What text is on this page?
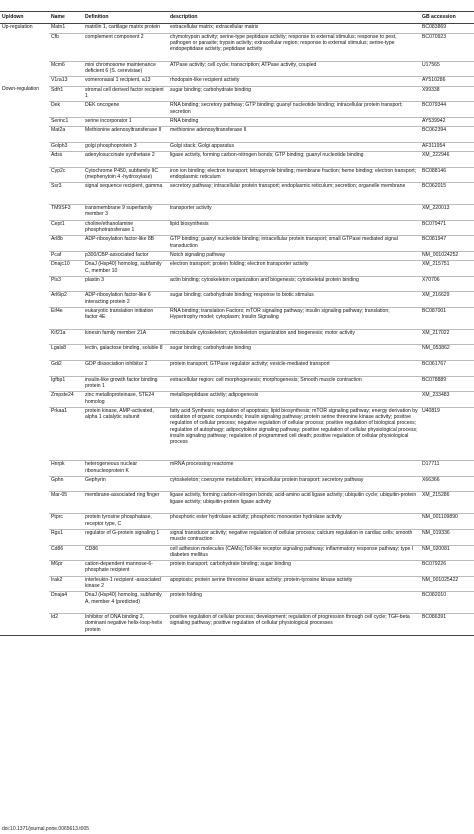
Up/down	Name	Definition	description	GB accession
Up-regulation	Matn1	matrilin 1, cartilage matrix protein	extracellular matrix; extracellular matrix	BC083869
	Cfb	complement component 2	chymotrypsin activity; serine-type peptidase activity; response to external stimulus; response to pest, pathogen or parasite; trypsin activity; extracellular region; response to external stimulus; serine-type endopeptidase activity; peptidase activity	BC070923
	Mcm6	mini chromosome maintenance deficient 6 (S. cerevisiae)	ATPase activity; cell cycle; transcription; ATPase activity, coupled	U17565
	V1ra13	vomeronasal 1 recipient, a13	rhodopsin-like recipient activity	AY510286
Down-regulation	Sdfr1	stromal cell derived factor recipient 1	sugar binding; carbohydrate binding	X99338
	Dek	DEK oncogene	RNA binding; secretory pathway; GTP binding; guanyl nucleotide binding; intracellular protein transport; secretion	BC079344
	Serinc1	serine incorporator 1	RNA binding	AY539942
	Mat2a	Methionine adenosyltransferase II	methionine adenosyltransferase II	BC062394
	Golph3	golgi phosphoprotein 3	Golgi stack; Golgi apparatus	AF311954
	Adss	adenylosuccinate synthetase 2	ligase activity, forming carbon-nitrogen bonds; GTP binding; guanyl nucleotide binding	XM_222946
	Cyp2c	Cytochrome P450, subfamily IIC (mephenytoin 4 -hydroxylase)	iron ion binding; electron transport; tetrapyrrole binding; membrane fraction; heme binding; electron transport; endoplasmic reticulum	BC088146
	Ssr3	signal sequence recipient, gamma	secretory pathway; intracellular protein transport; endoplasmic reticulum; secretion; organelle membrane	BC062015
	TM9SF3	transmembrane 9 superfamily member 3	transporter activity	XM_220013
	Cept1	choline/ethanolamine phosphotransferase 1	lipid biosynthesis	BC079471
	Arl8b	ADP-ribosylation factor-like 8B	GTP binding; guanyl nucleotide binding; intracellular protein transport; small GTPase mediated signal transduction	BC081947
	Pcaf	p300/CBP-associated factor	Notch signaling pathway	NM_001024252
	Dnajc10	DnaJ (Hsp40) homolog, subfamily C, member 10	electron transport; protein folding; electron transporter activity	XM_215751
	Pls3	plastin 3	actin binding; cytoskeleton organization and biogenesis; cytoskeletal protein binding	X70706
	Arl6ip2	ADP-ribosylation factor-like 6 interacting protein 2	sugar binding; carbohydrate binding; response to biotic stimulus	XM_216629
	Eif4e	eukaryotic translation initiation factor 4E	RNA binding; translation Factors; mTOR signaling pathway; insulin signaling pathway; translation; Hypertrophy model; cytoplasm; Insulin Signaling	BC087001
	Kif21a	kinesin family member 21A	microtubule cytoskeleton; cytoskeleton organization and biogenesis; motor activity	XM_217022
	Lgals8	lectin, galactose binding, soluble 8	sugar binding; carbohydrate binding	NM_053862
	Gdi2	GDP dissociation inhibitor 2	protein transport; GTPase regulator activity; vesicle-mediated transport	BC061767
	Igfbp1	insulin-like growth factor binding protein 1	extracellular region; cell morphogenesis; morphogenesis; Smooth muscle contraction	BC078889
	Zmpste24	zinc metalloproteinase, STE24 homolog	metallopeptidase activity; adipogenesis	XM_233483
	Prkaa1	protein kinase, AMP-activated, alpha 1 catalytic subunit	fatty acid Synthesis; regulation of apoptosis; lipid biosynthesis; mTOR signaling pathway; energy derivation by oxidation of organic compounds; Insulin signaling pathway; protein serine threonine kinase activity; positive regulation of cellular process; negative regulation of cellular process; positive regulation of biological process; regulation of autophagy; adipocytokine signaling pathway; positive regulation of cellular physiological process; insulin signaling pathway; regulation of programmed cell death; positive regulation of cellular physiological process	U40819
	Hnrpk	heterogeneous nuclear ribonucleoprotein K	mRNA processing reactome	D17711
	Gphn	Gephyrin	cytoskeleton; coenzyme metabolism; intracellular protein transport; secretory pathway	X66366
	Mar-05	membrane-associated ring finger	ligase activity, forming carbon-nitrogen bonds; acid-amino acid ligase activity; ubiquitin cycle; ubiquitin-protein ligase activity; ubiquitin-protein ligase activity	XM_215286
	Ptprc	protein tyrosine phosphatase, receptor type, C	phosphoric ester hydrolase activity; phosphoric monoester hydrolase activity	NM_001109890
	Rgs1	regulator of G-protein signaling 1	signal transducer activity; negative regulation of cellular process; calcium regulation in cardiac cells; smooth muscle contraction	NM_019336
	Cd86	CD86	cell adhesion molecules (CAMs);Toll-like receptor signaling pathway; inflammatory response pathway; type I diabetes mellitus	NM_020081
	M6pr	cation-dependent mannose-6-phosphate recipient	protein transport; carbohydrate binding; sugar binding	BC079226
	Irak2	interleukin-1 recipient -associated kinase 2	apoptosis; protein serine threonine kinase activity; protein-tyrosine kinase activity	NM_001025422
	Dnaja4	DnaJ (Hsp40) homolog, subfamily A, member 4 (predicted)	protein folding	BC082010
	Id2	Inhibitor of DNA binding 2, dominant negative helix-loop-helix protein	positive regulation of cellular process; development; regulation of progression through cell cycle; TGF-beta signaling pathway; positive regulation of cellular physiological processes	BC086391
doi:10.1371/journal.pone.0065613.t005
